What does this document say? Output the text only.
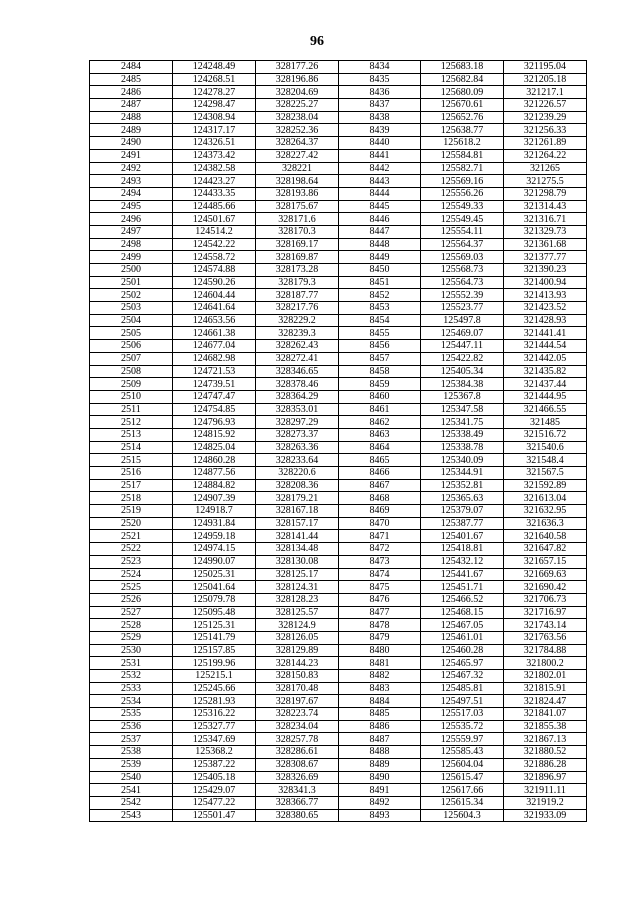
96
2484	124248.49	328177.26	8434	125683.18	321195.04
2485	124268.51	328196.86	8435	125682.84	321205.18
2486	124278.27	328204.69	8436	125680.09	321217.1
2487	124298.47	328225.27	8437	125670.61	321226.57
2488	124308.94	328238.04	8438	125652.76	321239.29
2489	124317.17	328252.36	8439	125638.77	321256.33
2490	124326.51	328264.37	8440	125618.2	321261.89
2491	124373.42	328227.42	8441	125584.81	321264.22
2492	124382.58	328221	8442	125582.71	321265
2493	124423.27	328198.64	8443	125569.16	321275.5
2494	124433.35	328193.86	8444	125556.26	321298.79
2495	124485.66	328175.67	8445	125549.33	321314.43
2496	124501.67	328171.6	8446	125549.45	321316.71
2497	124514.2	328170.3	8447	125554.11	321329.73
2498	124542.22	328169.17	8448	125564.37	321361.68
2499	124558.72	328169.87	8449	125569.03	321377.77
2500	124574.88	328173.28	8450	125568.73	321390.23
2501	124590.26	328179.3	8451	125564.73	321400.94
2502	124604.44	328187.77	8452	125552.39	321413.93
2503	124641.64	328217.76	8453	125523.77	321423.52
2504	124653.56	328229.2	8454	125497.8	321428.93
2505	124661.38	328239.3	8455	125469.07	321441.41
2506	124677.04	328262.43	8456	125447.11	321444.54
2507	124682.98	328272.41	8457	125422.82	321442.05
2508	124721.53	328346.65	8458	125405.34	321435.82
2509	124739.51	328378.46	8459	125384.38	321437.44
2510	124747.47	328364.29	8460	125367.8	321444.95
2511	124754.85	328353.01	8461	125347.58	321466.55
2512	124796.93	328297.29	8462	125341.75	321485
2513	124815.92	328273.37	8463	125338.49	321516.72
2514	124825.04	328263.36	8464	125338.78	321540.6
2515	124860.28	328233.64	8465	125340.09	321548.4
2516	124877.56	328220.6	8466	125344.91	321567.5
2517	124884.82	328208.36	8467	125352.81	321592.89
2518	124907.39	328179.21	8468	125365.63	321613.04
2519	124918.7	328167.18	8469	125379.07	321632.95
2520	124931.84	328157.17	8470	125387.77	321636.3
2521	124959.18	328141.44	8471	125401.67	321640.58
2522	124974.15	328134.48	8472	125418.81	321647.82
2523	124990.07	328130.08	8473	125432.12	321657.15
2524	125025.31	328125.17	8474	125441.67	321669.63
2525	125041.64	328124.31	8475	125451.71	321690.42
2526	125079.78	328128.23	8476	125466.52	321706.73
2527	125095.48	328125.57	8477	125468.15	321716.97
2528	125125.31	328124.9	8478	125467.05	321743.14
2529	125141.79	328126.05	8479	125461.01	321763.56
2530	125157.85	328129.89	8480	125460.28	321784.88
2531	125199.96	328144.23	8481	125465.97	321800.2
2532	125215.1	328150.83	8482	125467.32	321802.01
2533	125245.66	328170.48	8483	125485.81	321815.91
2534	125281.93	328197.67	8484	125497.51	321824.47
2535	125316.22	328223.74	8485	125517.03	321841.07
2536	125327.77	328234.04	8486	125535.72	321855.38
2537	125347.69	328257.78	8487	125559.97	321867.13
2538	125368.2	328286.61	8488	125585.43	321880.52
2539	125387.22	328308.67	8489	125604.04	321886.28
2540	125405.18	328326.69	8490	125615.47	321896.97
2541	125429.07	328341.3	8491	125617.66	321911.11
2542	125477.22	328366.77	8492	125615.34	321919.2
2543	125501.47	328380.65	8493	125604.3	321933.09
